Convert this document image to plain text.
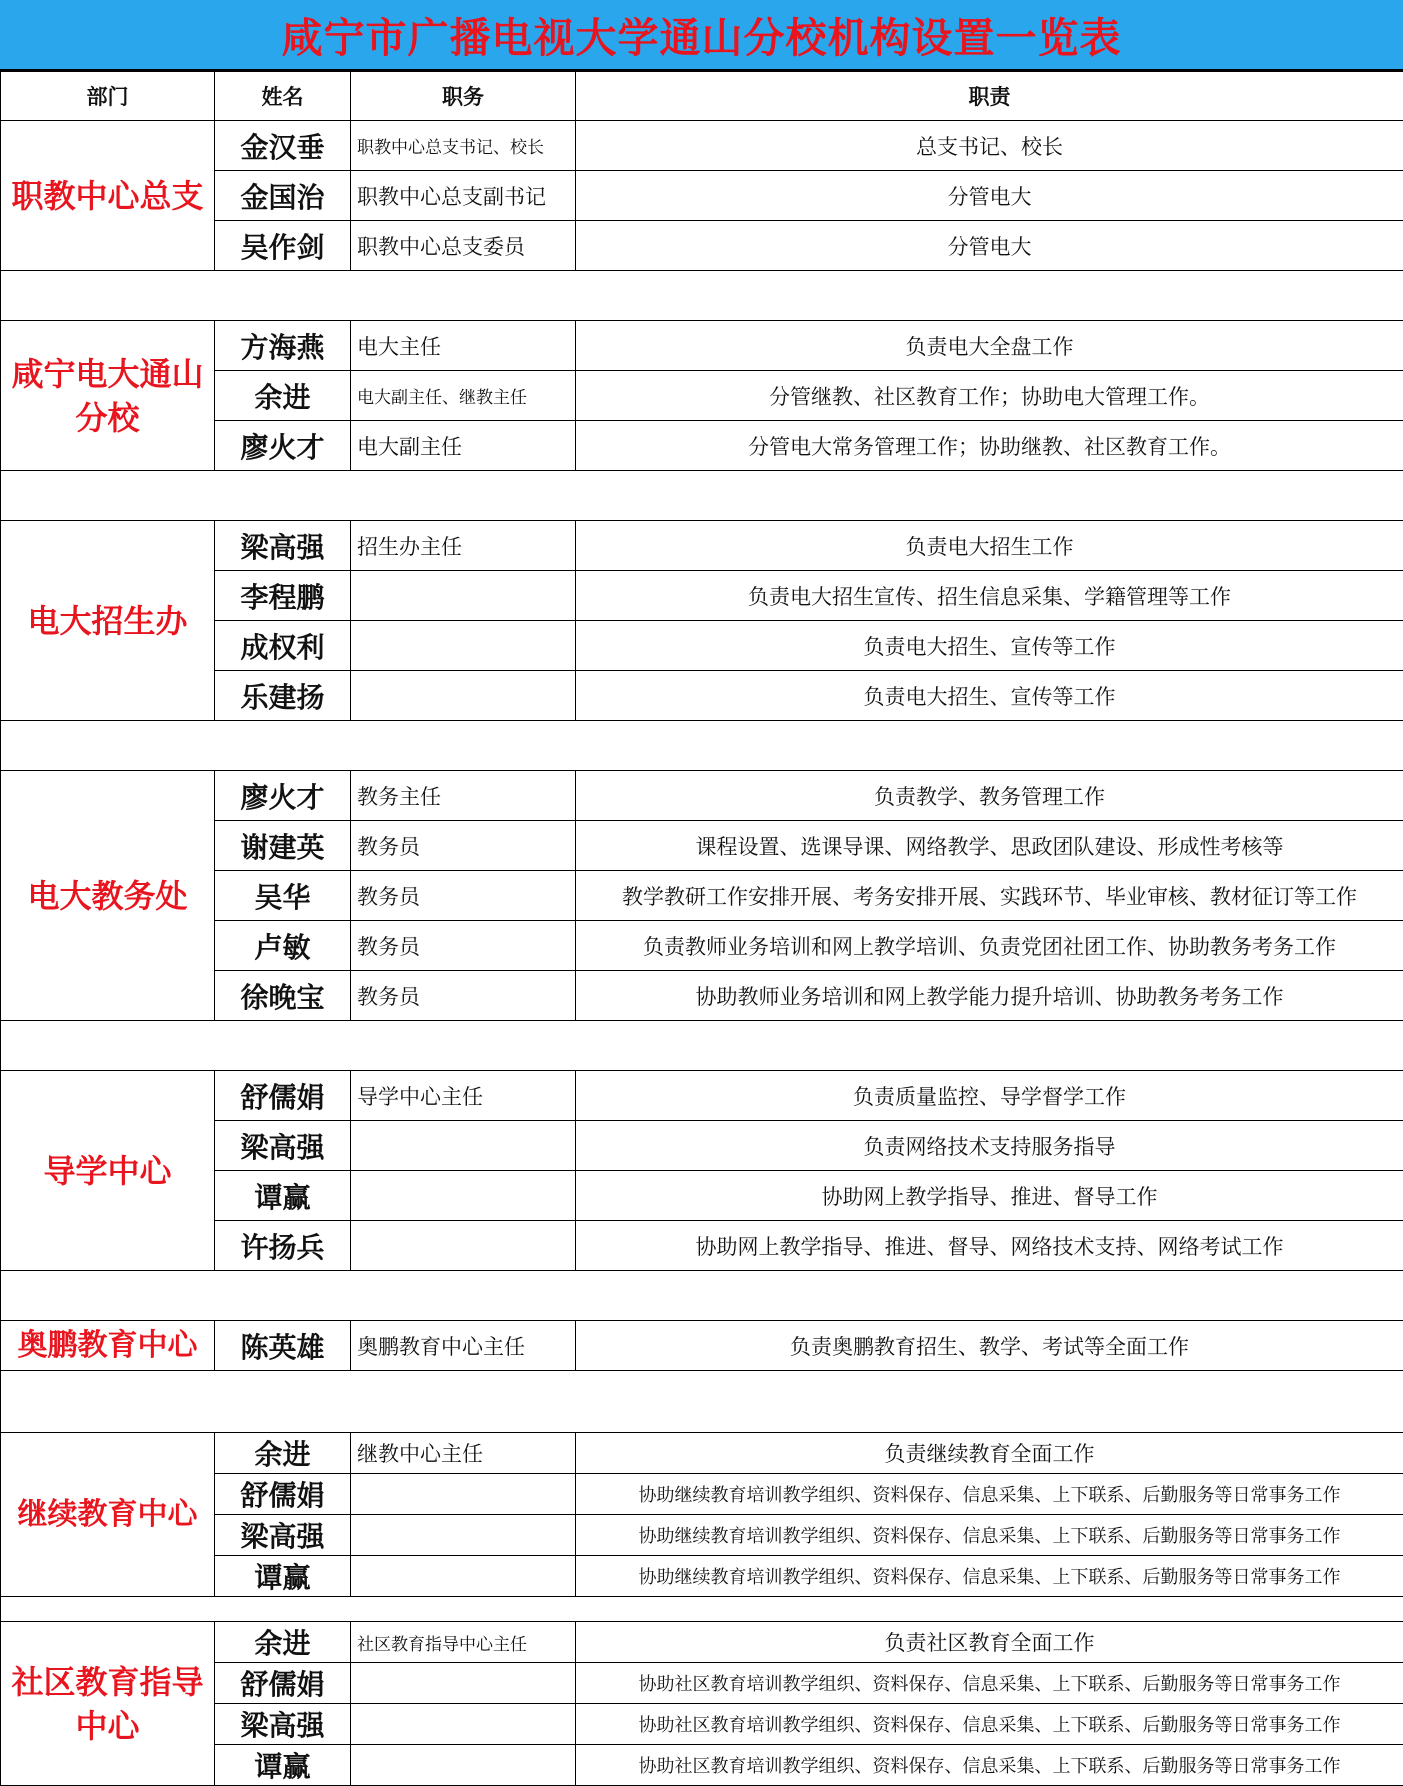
咸宁市广播电视大学通山分校机构设置一览表
部门	姓名	职务	职责
职教中心总支	金汉垂	职教中心总支书记、校长	总支书记、校长
	金国治	职教中心总支副书记	分管电大
	吴作剑	职教中心总支委员	分管电大

咸宁电大通山分校	方海燕	电大主任	负责电大全盘工作
	余进	电大副主任、继教主任	分管继教、社区教育工作；协助电大管理工作。
	廖火才	电大副主任	分管电大常务管理工作；协助继教、社区教育工作。

电大招生办	梁高强	招生办主任	负责电大招生工作
	李程鹏		负责电大招生宣传、招生信息采集、学籍管理等工作
	成权利		负责电大招生、宣传等工作
	乐建扬		负责电大招生、宣传等工作

电大教务处	廖火才	教务主任	负责教学、教务管理工作
	谢建英	教务员	课程设置、选课导课、网络教学、思政团队建设、形成性考核等
	吴华	教务员	教学教研工作安排开展、考务安排开展、实践环节、毕业审核、教材征订等工作
	卢敏	教务员	负责教师业务培训和网上教学培训、负责党团社团工作、协助教务考务工作
	徐晚宝	教务员	协助教师业务培训和网上教学能力提升培训、协助教务考务工作

导学中心	舒儒娟	导学中心主任	负责质量监控、导学督学工作
	梁高强		负责网络技术支持服务指导
	谭赢		协助网上教学指导、推进、督导工作
	许扬兵		协助网上教学指导、推进、督导、网络技术支持、网络考试工作

奥鹏教育中心	陈英雄	奥鹏教育中心主任	负责奥鹏教育招生、教学、考试等全面工作

继续教育中心	余进	继教中心主任	负责继续教育全面工作
	舒儒娟		协助继续教育培训教学组织、资料保存、信息采集、上下联系、后勤服务等日常事务工作
	梁高强		协助继续教育培训教学组织、资料保存、信息采集、上下联系、后勤服务等日常事务工作
	谭赢		协助继续教育培训教学组织、资料保存、信息采集、上下联系、后勤服务等日常事务工作

社区教育指导中心	余进	社区教育指导中心主任	负责社区教育全面工作
	舒儒娟		协助社区教育培训教学组织、资料保存、信息采集、上下联系、后勤服务等日常事务工作
	梁高强		协助社区教育培训教学组织、资料保存、信息采集、上下联系、后勤服务等日常事务工作
	谭赢		协助社区教育培训教学组织、资料保存、信息采集、上下联系、后勤服务等日常事务工作
